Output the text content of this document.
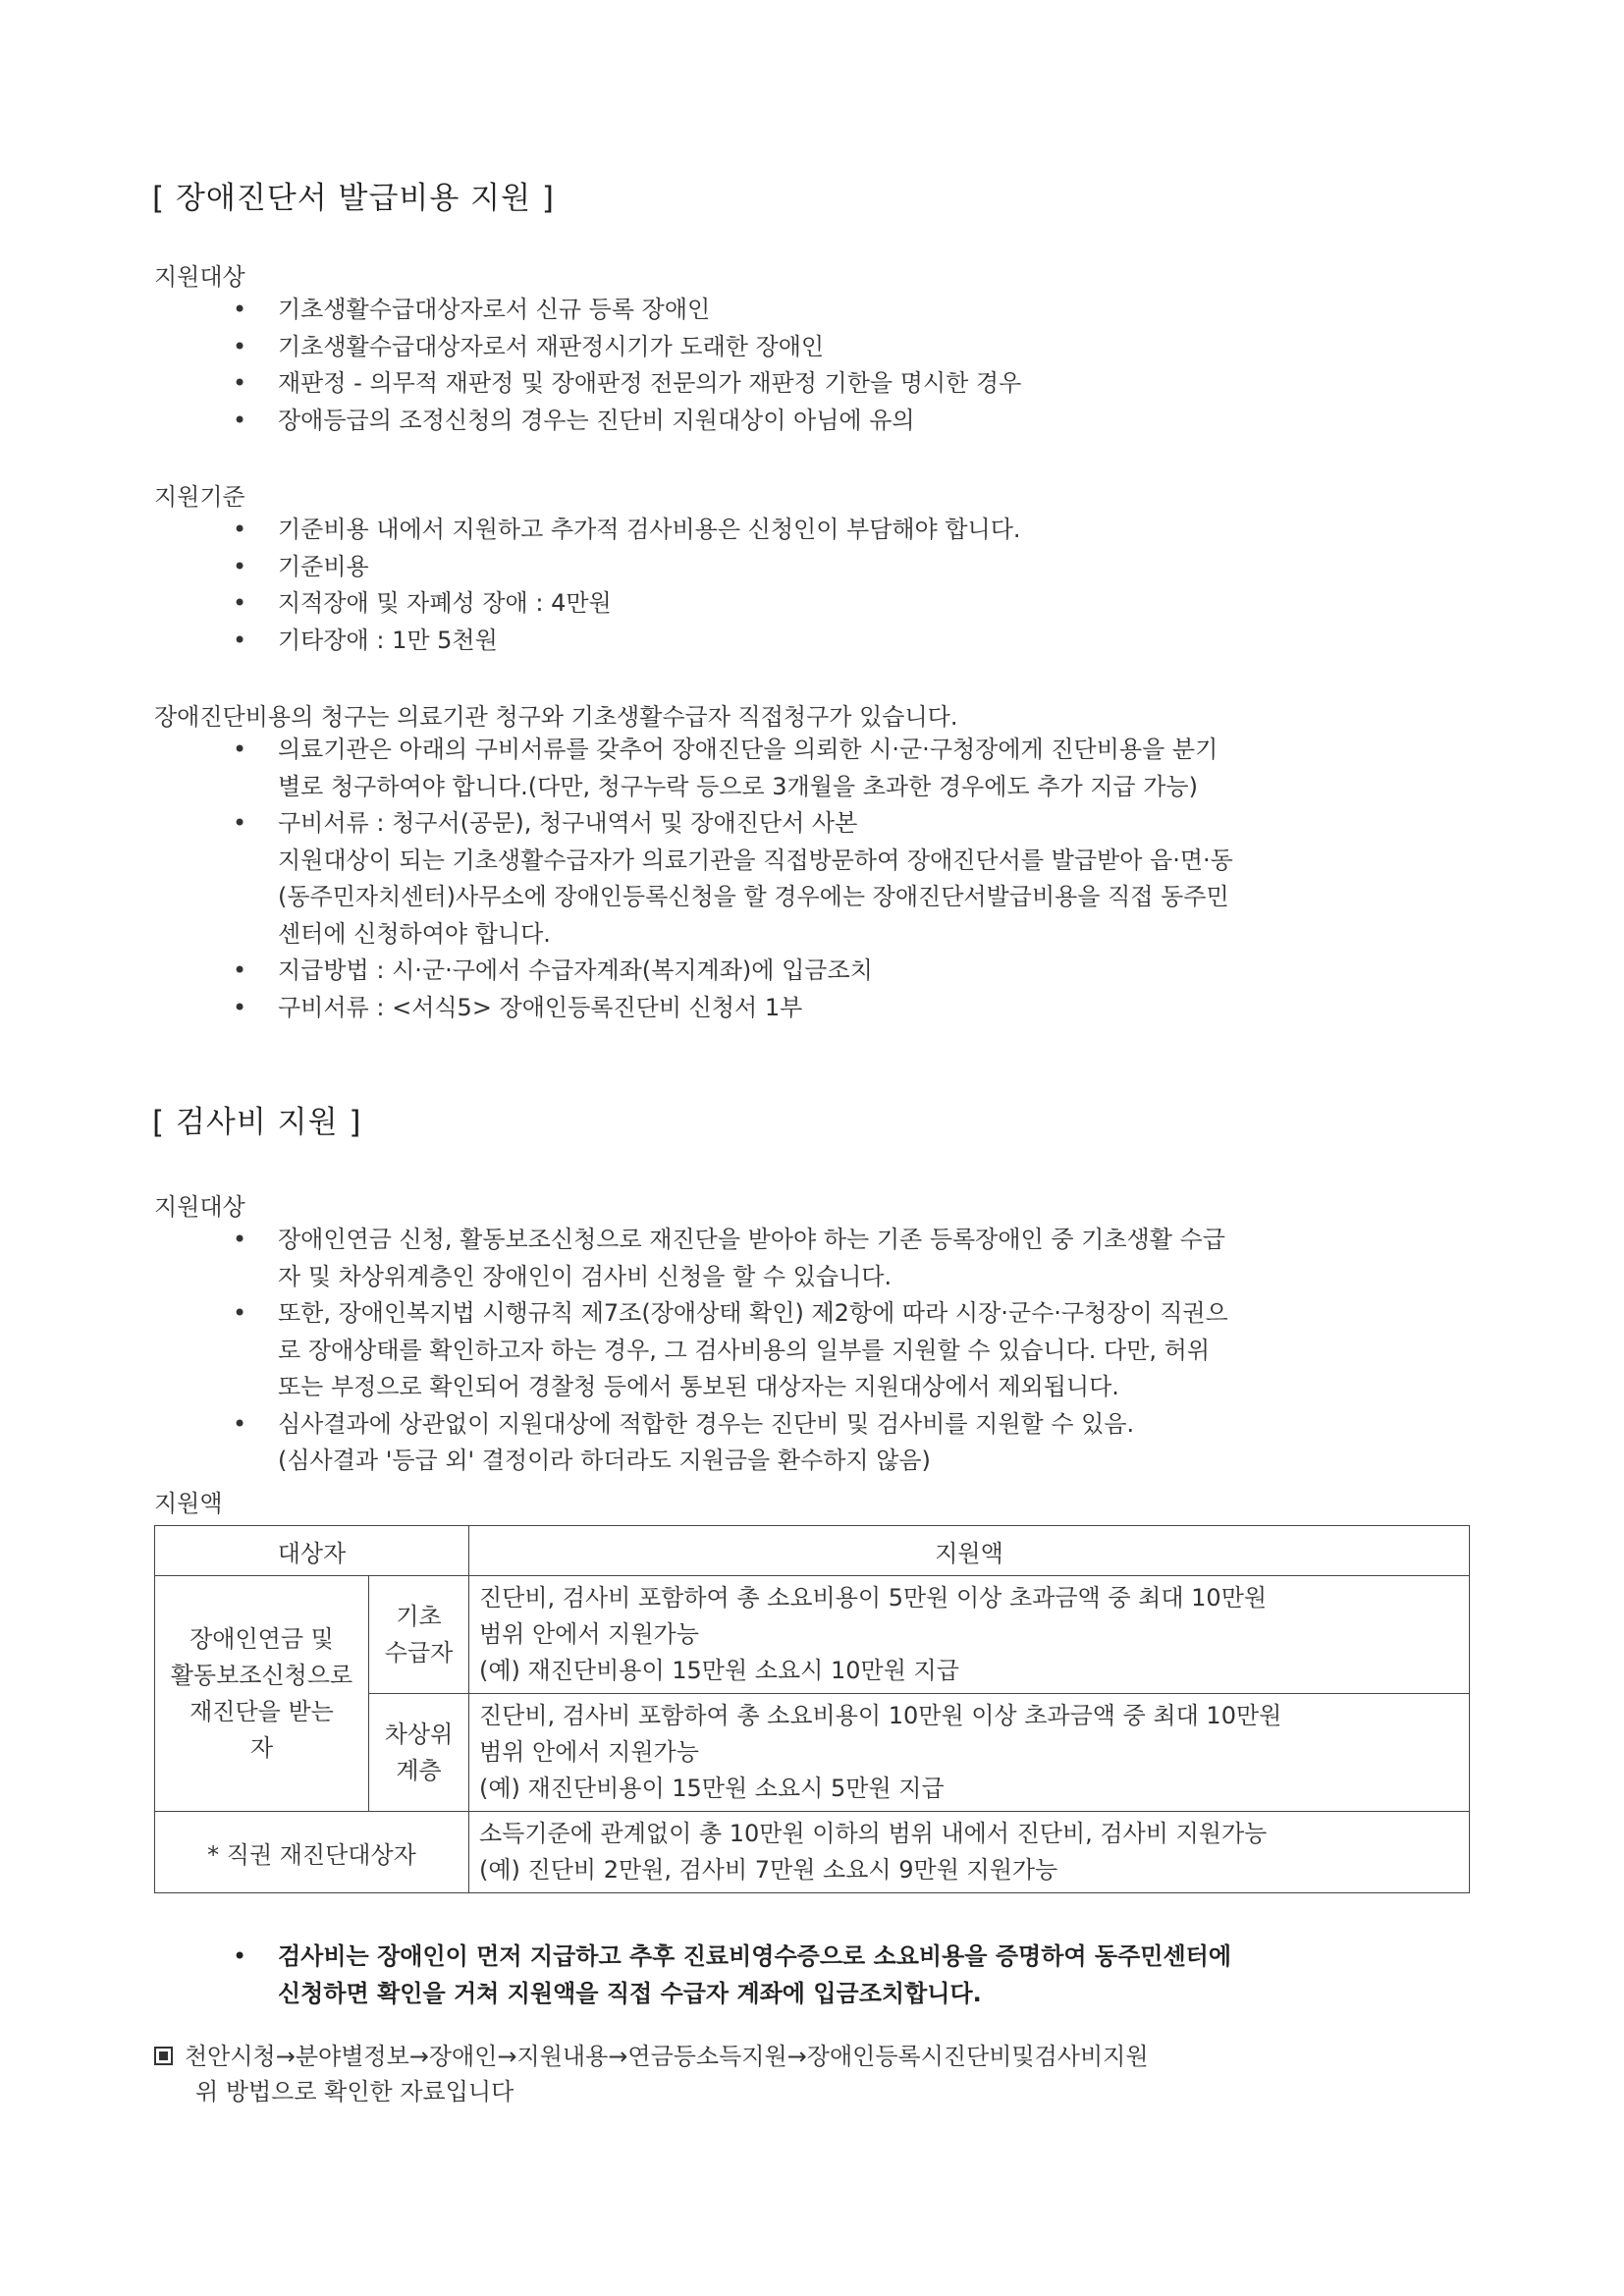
[ 장애진단서 발급비용 지원 ]
지원대상
• 기초생활수급대상자로서 신규 등록 장애인
• 기초생활수급대상자로서 재판정시기가 도래한 장애인
• 재판정 - 의무적 재판정 및 장애판정 전문의가 재판정 기한을 명시한 경우
• 장애등급의 조정신청의 경우는 진단비 지원대상이 아님에 유의
지원기준
• 기준비용 내에서 지원하고 추가적 검사비용은 신청인이 부담해야 합니다.
• 기준비용
• 지적장애 및 자폐성 장애 : 4만원
• 기타장애 : 1만 5천원
장애진단비용의 청구는 의료기관 청구와 기초생활수급자 직접청구가 있습니다.
• 의료기관은 아래의 구비서류를 갖추어 장애진단을 의뢰한 시·군·구청장에게 진단비용을 분기
별로 청구하여야 합니다.(다만, 청구누락 등으로 3개월을 초과한 경우에도 추가 지급 가능)
• 구비서류 : 청구서(공문), 청구내역서 및 장애진단서 사본
지원대상이 되는 기초생활수급자가 의료기관을 직접방문하여 장애진단서를 발급받아 읍·면·동
(동주민자치센터)사무소에 장애인등록신청을 할 경우에는 장애진단서발급비용을 직접 동주민
센터에 신청하여야 합니다.
• 지급방법 : 시·군·구에서 수급자계좌(복지계좌)에 입금조치
• 구비서류 : <서식5> 장애인등록진단비 신청서 1부
[ 검사비 지원 ]
지원대상
• 장애인연금 신청, 활동보조신청으로 재진단을 받아야 하는 기존 등록장애인 중 기초생활 수급
자 및 차상위계층인 장애인이 검사비 신청을 할 수 있습니다.
• 또한, 장애인복지법 시행규칙 제7조(장애상태 확인) 제2항에 따라 시장·군수·구청장이 직권으
로 장애상태를 확인하고자 하는 경우, 그 검사비용의 일부를 지원할 수 있습니다. 다만, 허위
또는 부정으로 확인되어 경찰청 등에서 통보된 대상자는 지원대상에서 제외됩니다.
• 심사결과에 상관없이 지원대상에 적합한 경우는 진단비 및 검사비를 지원할 수 있음.
(심사결과 '등급 외' 결정이라 하더라도 지원금을 환수하지 않음)
지원액
대상자		지원액

장애인연금 및
활동보조신청으로
재진단을 받는
자	기초
수급자	진단비, 검사비 포함하여 총 소요비용이 5만원 이상 초과금액 중 최대 10만원
범위 안에서 지원가능
(예) 재진단비용이 15만원 소요시 10만원 지급

	차상위
계층	진단비, 검사비 포함하여 총 소요비용이 10만원 이상 초과금액 중 최대 10만원
범위 안에서 지원가능
(예) 재진단비용이 15만원 소요시 5만원 지급

* 직권 재진단대상자		소득기준에 관계없이 총 10만원 이하의 범위 내에서 진단비, 검사비 지원가능
(예) 진단비 2만원, 검사비 7만원 소요시 9만원 지원가능
•	검사비는 장애인이 먼저 지급하고 추후 진료비영수증으로 소요비용을 증명하여 동주민센터에
신청하면 확인을 거쳐 지원액을 직접 수급자 계좌에 입금조치합니다.
천안시청→분야별정보→장애인→지원내용→연금등소득지원→장애인등록시진단비및검사비지원
위 방법으로 확인한 자료입니다
